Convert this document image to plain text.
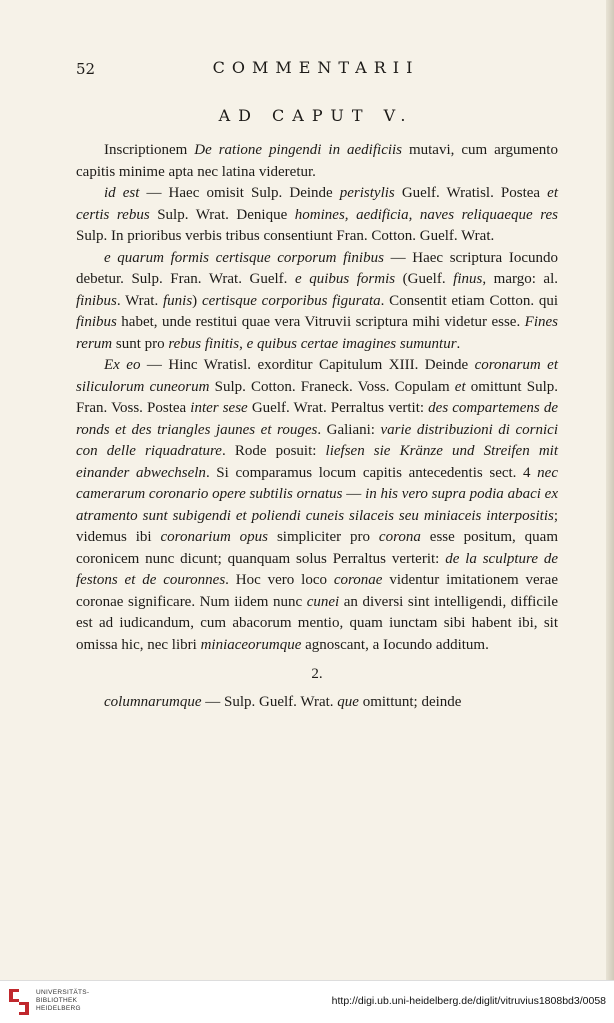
52	COMMENTARII
AD CAPUT V.

Inscriptionem De ratione pingendi in aedificiis mutavi, cum argumento capitis minime apta nec latina videretur.

id est — Haec omisit Sulp. Deinde peristylis Guelf. Wratisl. Postea et certis rebus Sulp. Wrat. Denique homines, aedificia, naves reliquaeque res Sulp. In prioribus verbis tribus consentiunt Fran. Cotton. Guelf. Wrat.

e quarum formis certisque corporum finibus — Haec scriptura Iocundo debetur. Sulp. Fran. Wrat. Guelf. e quibus formis (Guelf. finus, margo: al. finibus. Wrat. funis) certisque corporibus figurata. Consentit etiam Cotton. qui finibus habet, unde restitui quae vera Vitruvii scriptura mihi videtur esse. Fines rerum sunt pro rebus finitis, e quibus certae imagines sumuntur.

Ex eo — Hinc Wratisl. exorditur Capitulum XIII. Deinde coronarum et siliculorum cuneorum Sulp. Cotton. Franeck. Voss. Copulam et omittunt Sulp. Fran. Voss. Postea inter sese Guelf. Wrat. Perraltus vertit: des compartemens de ronds et des triangles jaunes et rouges. Galiani: varie distribuzioni di cornici con delle riquadrature. Rode posuit: liefsen sie Kränze und Streifen mit einander abwechseln. Si comparamus locum capitis antecedentis sect. 4 nec camerarum coronario opere subtilis ornatus — in his vero supra podia abaci ex atramento sunt subigendi et poliendi cuneis silaceis seu miniaceis interpositis; videmus ibi coronarium opus simpliciter pro corona esse positum, quam coronicem nunc dicunt; quanquam solus Perraltus verterit: de la sculpture de festons et de couronnes. Hoc vero loco coronae videntur imitationem verae coronae significare. Num iidem nunc cunei an diversi sint intelligendi, difficile est ad iudicandum, cum abacorum mentio, quam iunctam sibi habent ibi, sit omissa hic, nec libri miniaceorumque agnoscant, a Iocundo additum.

2.

columnarumque — Sulp. Guelf. Wrat. que omittunt; deinde

UNIVERSITÄTS-
BIBLIOTHEK
HEIDELBERG
http://digi.ub.uni-heidelberg.de/diglit/vitruvius1808bd3/0058
